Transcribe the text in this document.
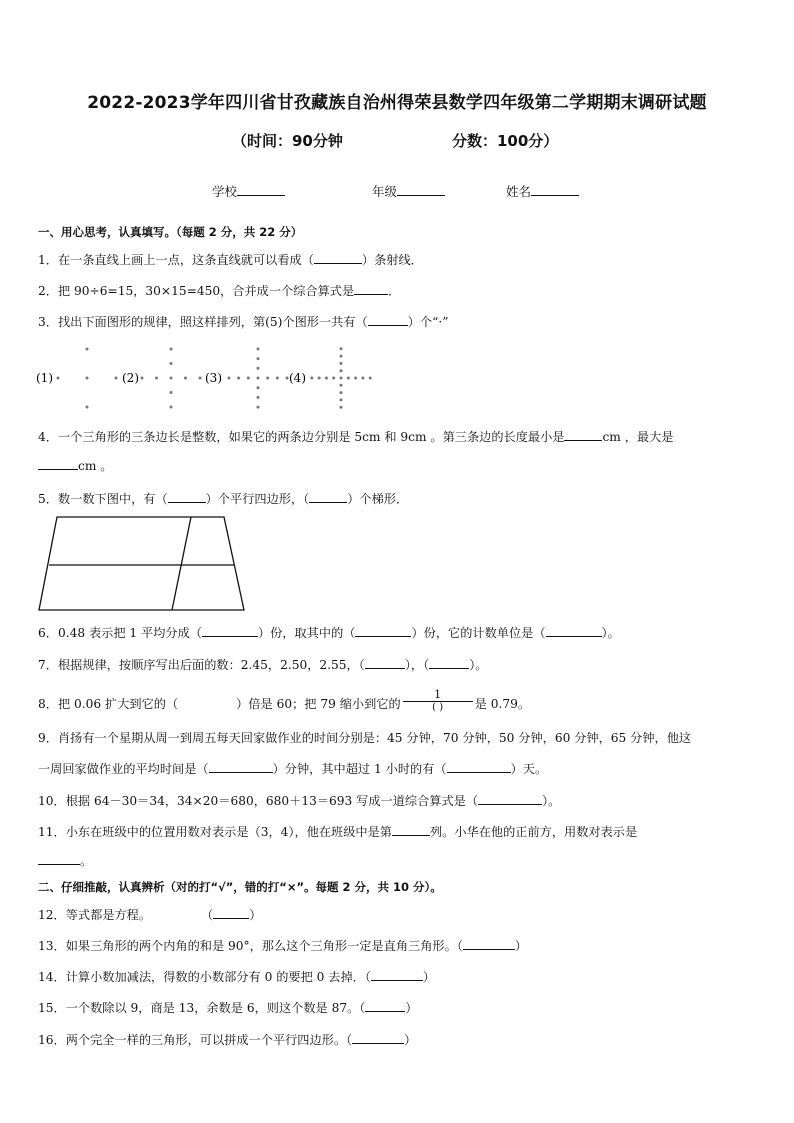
2022-2023学年四川省甘孜藏族自治州得荣县数学四年级第二学期期末调研试题
（时间：90分钟	分数：100分）
学校	年级	姓名
一、用心思考，认真填写。（每题 2 分，共 22 分）
1．在一条直线上画上一点，这条直线就可以看成（	）条射线．
2．把 90÷6=15，30×15=450，合并成一个综合算式是	．
3．找出下面图形的规律，照这样排列，第(5)个图形一共有（	）个“·”
(1)	(2)	(3)	(4)
4．一个三角形的三条边长是整数，如果它的两条边分别是 5cm 和 9cm 。第三条边的长度最小是	cm ，最大是
cm 。
5．数一数下图中，有（	）个平行四边形，（	）个梯形．
6．0.48 表示把 1 平均分成（	）份，取其中的（	）份，它的计数单位是（	）。
7．根据规律，按顺序写出后面的数：2.45，2.50，2.55，（	），（	）。
8．把 0.06 扩大到它的（	）倍是 60；把 79 缩小到它的 $\frac{1}{( )}$ 是 0.79。
9．肖扬有一个星期从周一到周五每天回家做作业的时间分别是：45 分钟，70 分钟，50 分钟，60 分钟，65 分钟，他这
一周回家做作业的平均时间是（	）分钟，其中超过 1 小时的有（	）天。
10．根据 64－30＝34，34×20＝680，680＋13＝693 写成一道综合算式是（	）。
11．小东在班级中的位置用数对表示是（3，4），他在班级中是第	列。小华在他的正前方，用数对表示是
。
二、仔细推敲，认真辨析（对的打“√”，错的打“×”。每题 2 分，共 10 分）。
12．等式都是方程。	（	）
13．如果三角形的两个内角的和是 90°，那么这个三角形一定是直角三角形。（	）
14．计算小数加减法，得数的小数部分有 0 的要把 0 去掉．（	）
15．一个数除以 9，商是 13，余数是 6，则这个数是 87。（	）
16．两个完全一样的三角形，可以拼成一个平行四边形。（	）
